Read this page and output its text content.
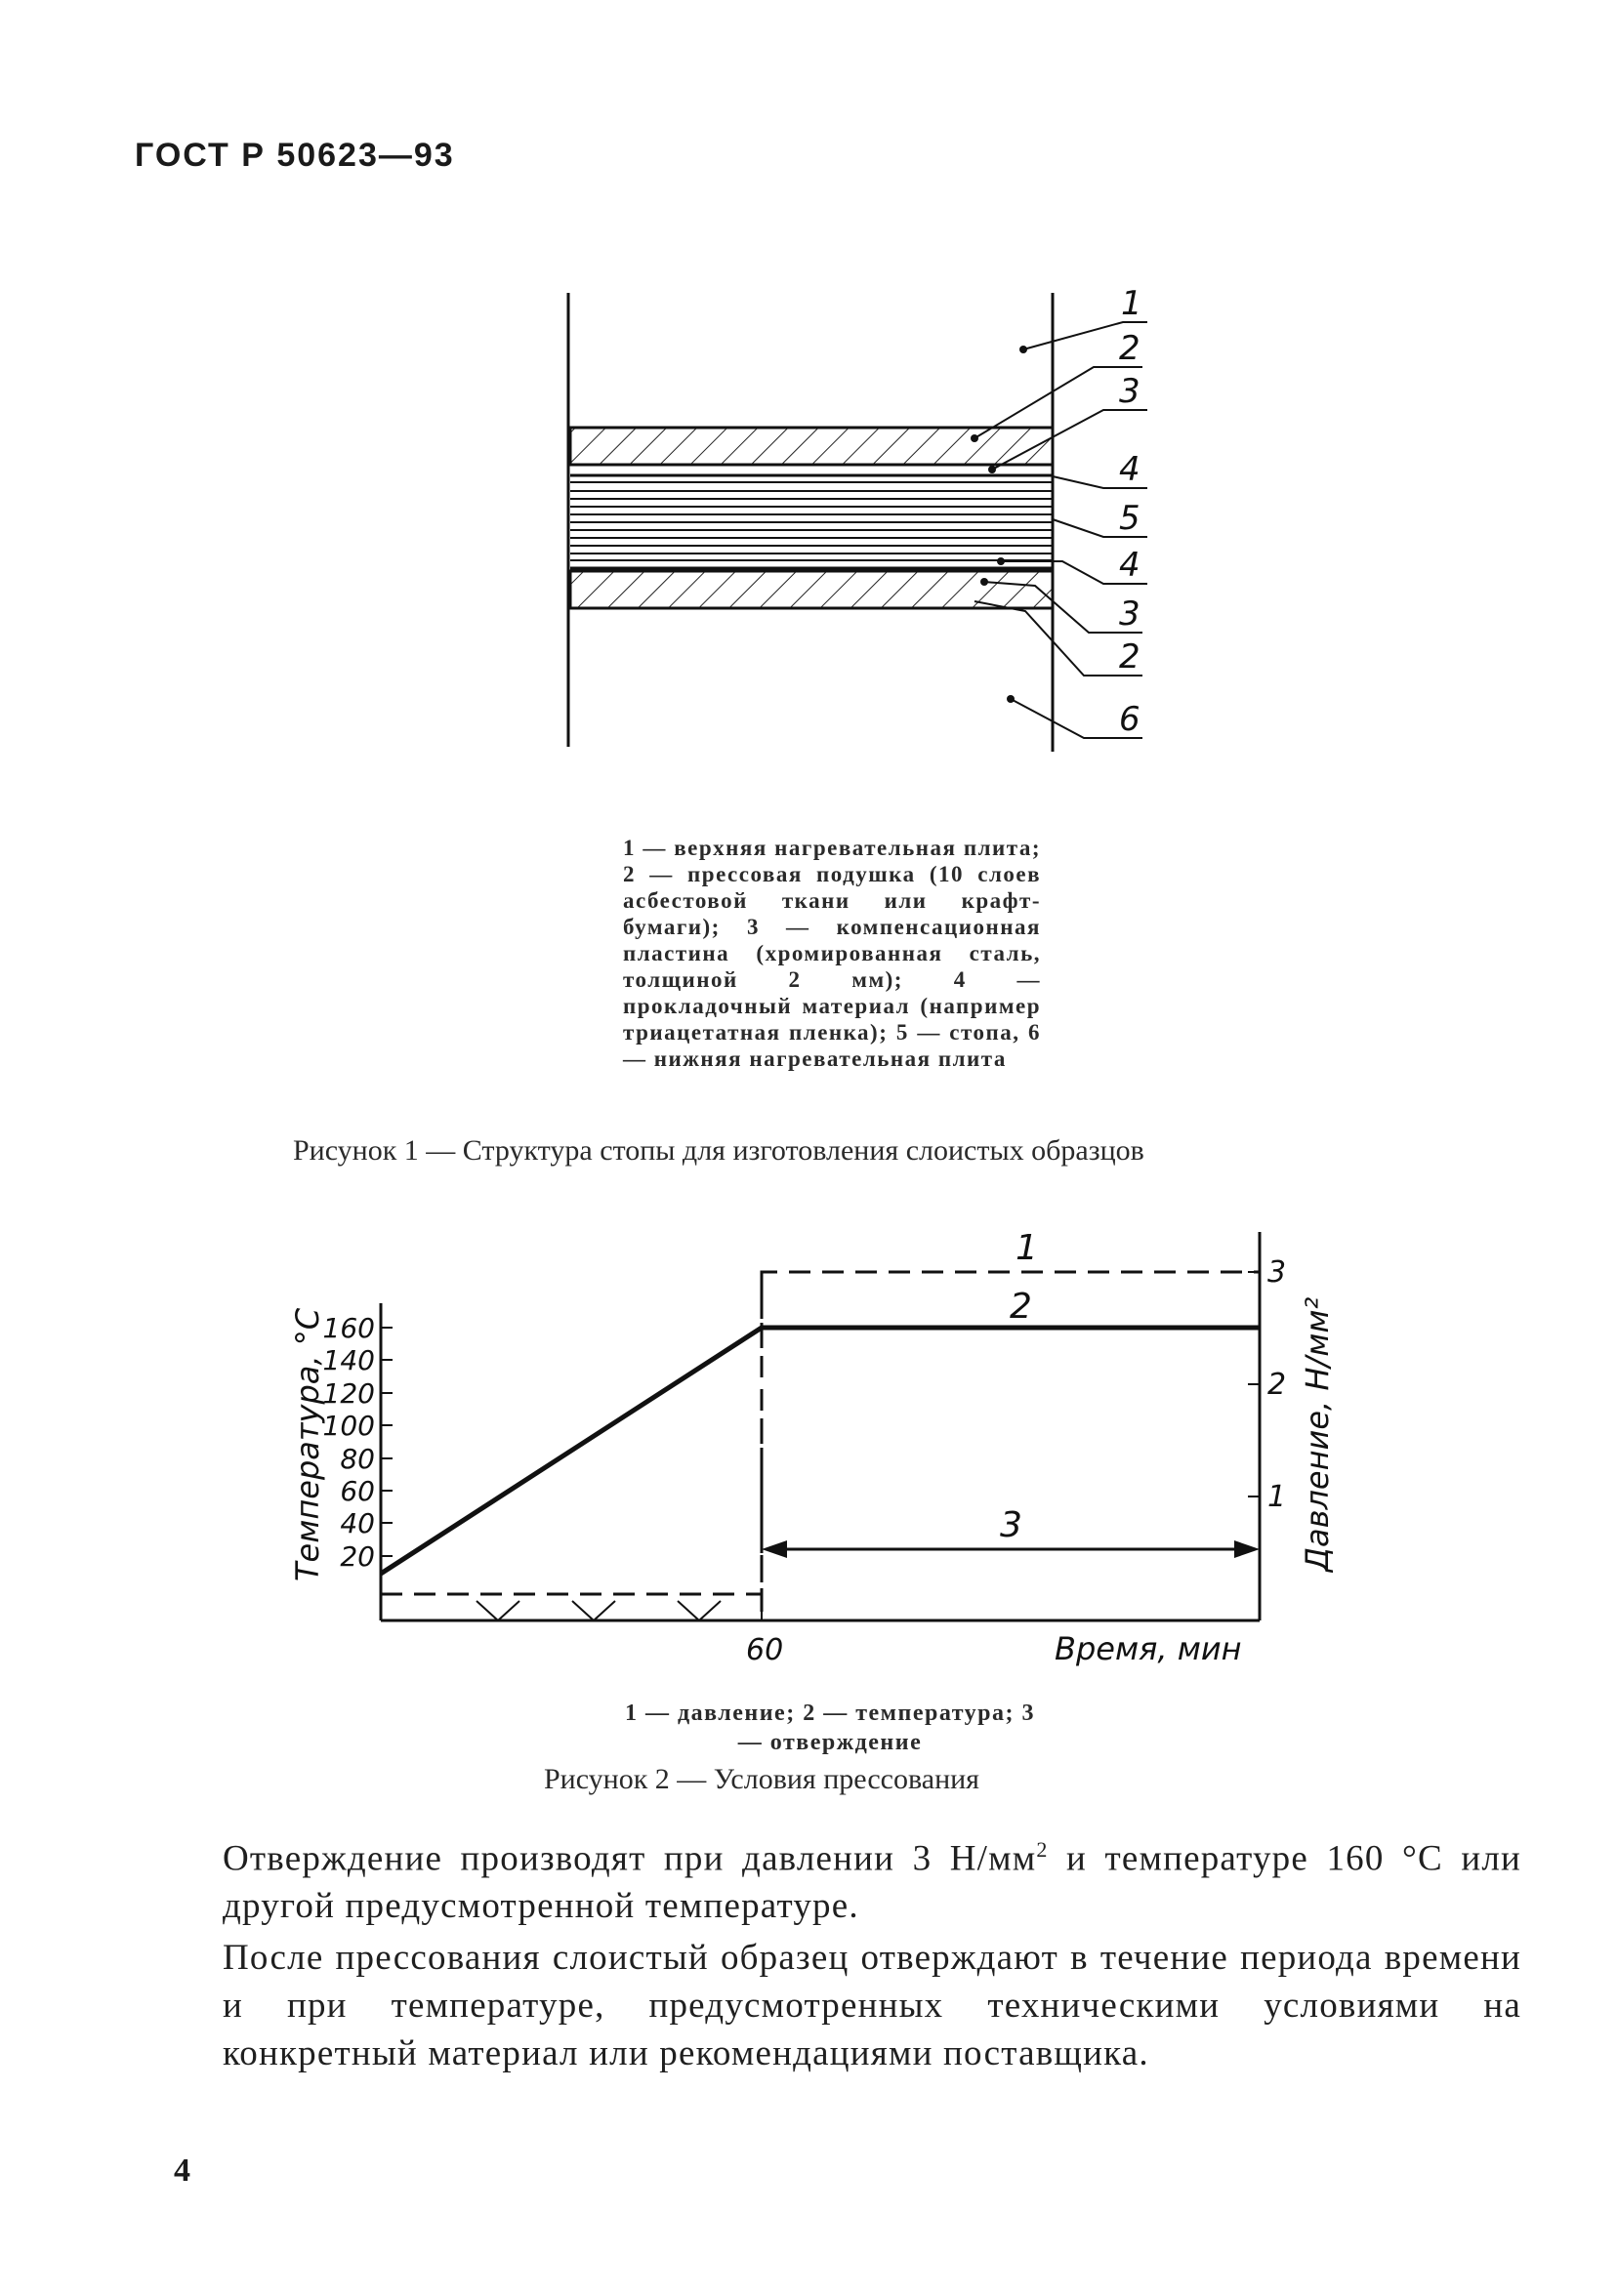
ГОСТ Р 50623—93
1
2
3
4
5
4
3
2
6
1 — верхняя нагревательная плита; 2 — прессовая подушка (10 слоев асбестовой ткани или крафт-бумаги); 3 — компенсационная пластина (хромированная сталь, толщиной 2 мм); 4 — прокладочный материал (например триацетатная пленка); 5 — стопа, 6 — нижняя нагревательная плита
Рисунок 1 — Структура стопы для изготовления слоистых образцов
160
140
120
100
80
60
40
20
3
2
1
Температура, °C	Давление, Н/мм²
60	Время, мин
1
2
3
1 — давление; 2 — температура; 3 — отверждение
Рисунок 2 — Условия прессования

Отверждение производят при давлении 3 $Н/мм^2$ и температуре 160 °С или другой предусмотренной температуре.

После прессования слоистый образец отверждают в течение периода времени и при температуре, предусмотренных техническими условиями на конкретный материал или рекомендациями поставщика.

4
